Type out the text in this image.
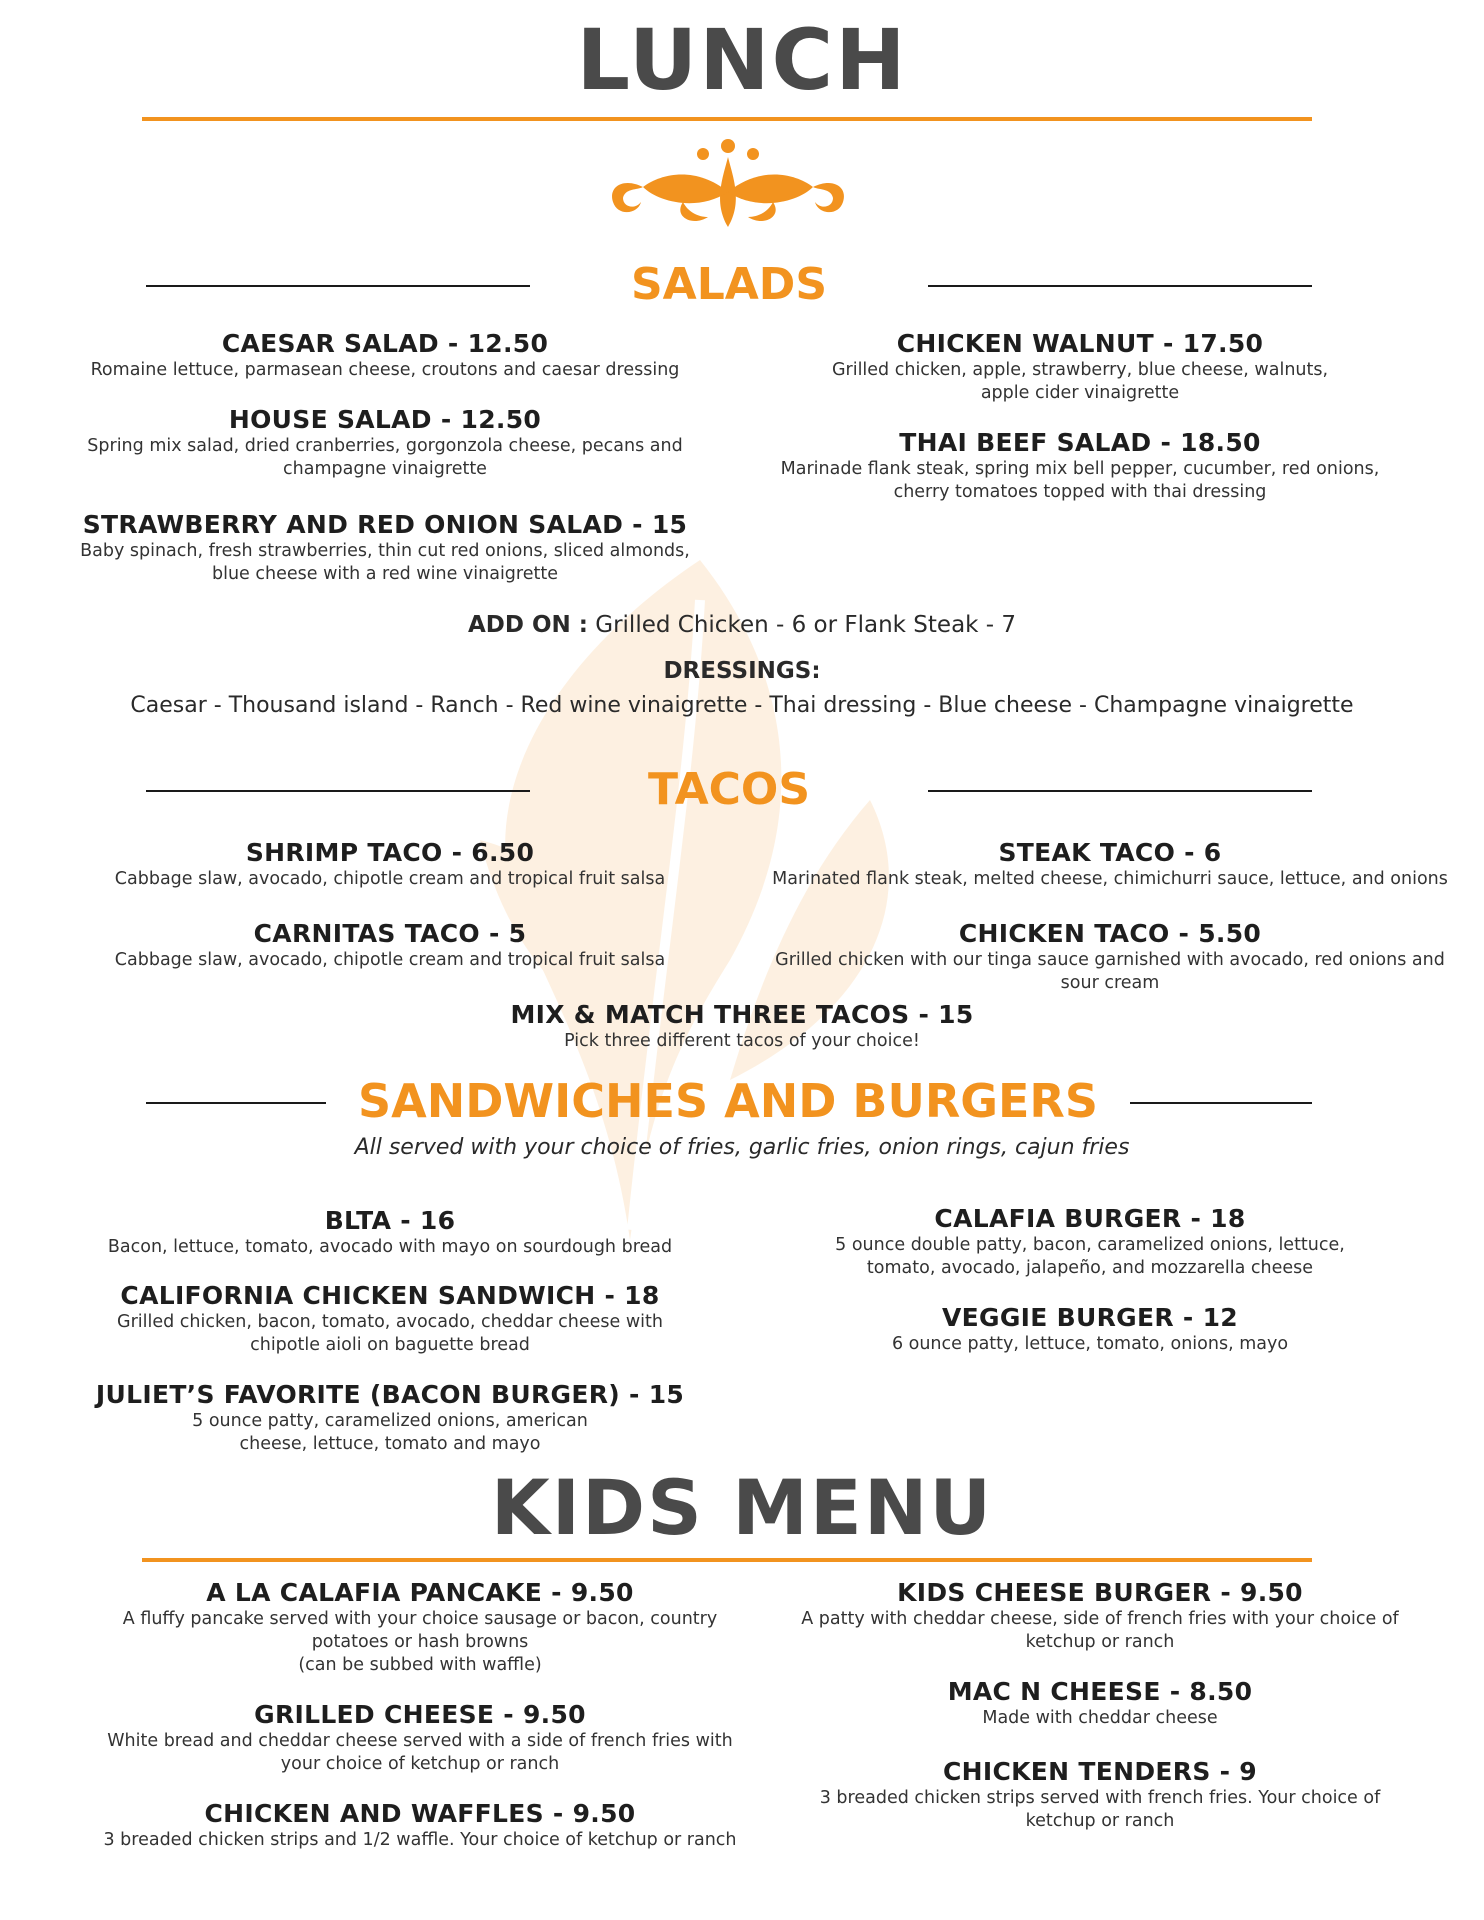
LUNCH
SALADS
CAESAR SALAD - 12.50
Romaine lettuce, parmasean cheese, croutons and caesar dressing
HOUSE SALAD - 12.50
Spring mix salad, dried cranberries, gorgonzola cheese, pecans and champagne vinaigrette
STRAWBERRY AND RED ONION SALAD - 15
Baby spinach, fresh strawberries, thin cut red onions, sliced almonds, blue cheese with a red wine vinaigrette
CHICKEN WALNUT - 17.50
Grilled chicken, apple, strawberry, blue cheese, walnuts, apple cider vinaigrette
THAI BEEF SALAD - 18.50
Marinade flank steak, spring mix bell pepper, cucumber, red onions, cherry tomatoes topped with thai dressing
ADD ON : Grilled Chicken - 6 or Flank Steak - 7
DRESSINGS:
Caesar - Thousand island - Ranch - Red wine vinaigrette - Thai dressing - Blue cheese - Champagne vinaigrette
TACOS
SHRIMP TACO - 6.50
Cabbage slaw, avocado, chipotle cream and tropical fruit salsa
CARNITAS TACO - 5
Cabbage slaw, avocado, chipotle cream and tropical fruit salsa
STEAK TACO - 6
Marinated flank steak, melted cheese, chimichurri sauce, lettuce, and onions
CHICKEN TACO - 5.50
Grilled chicken with our tinga sauce garnished with avocado, red onions and sour cream
MIX & MATCH THREE TACOS - 15
Pick three different tacos of your choice!
SANDWICHES AND BURGERS
All served with your choice of fries, garlic fries, onion rings, cajun fries
BLTA - 16
Bacon, lettuce, tomato, avocado with mayo on sourdough bread
CALIFORNIA CHICKEN SANDWICH - 18
Grilled chicken, bacon, tomato, avocado, cheddar cheese with chipotle aioli on baguette bread
JULIET’S FAVORITE (BACON BURGER) - 15
5 ounce patty, caramelized onions, american cheese, lettuce, tomato and mayo
CALAFIA BURGER - 18
5 ounce double patty, bacon, caramelized onions, lettuce, tomato, avocado, jalapeño, and mozzarella cheese
VEGGIE BURGER - 12
6 ounce patty, lettuce, tomato, onions, mayo
KIDS MENU
A LA CALAFIA PANCAKE - 9.50
A fluffy pancake served with your choice sausage or bacon, country potatoes or hash browns
(can be subbed with waffle)
GRILLED CHEESE - 9.50
White bread and cheddar cheese served with a side of french fries with your choice of ketchup or ranch
CHICKEN AND WAFFLES - 9.50
3 breaded chicken strips and 1/2 waffle. Your choice of ketchup or ranch
KIDS CHEESE BURGER - 9.50
A patty with cheddar cheese, side of french fries with your choice of ketchup or ranch
MAC N CHEESE - 8.50
Made with cheddar cheese
CHICKEN TENDERS - 9
3 breaded chicken strips served with french fries. Your choice of ketchup or ranch
